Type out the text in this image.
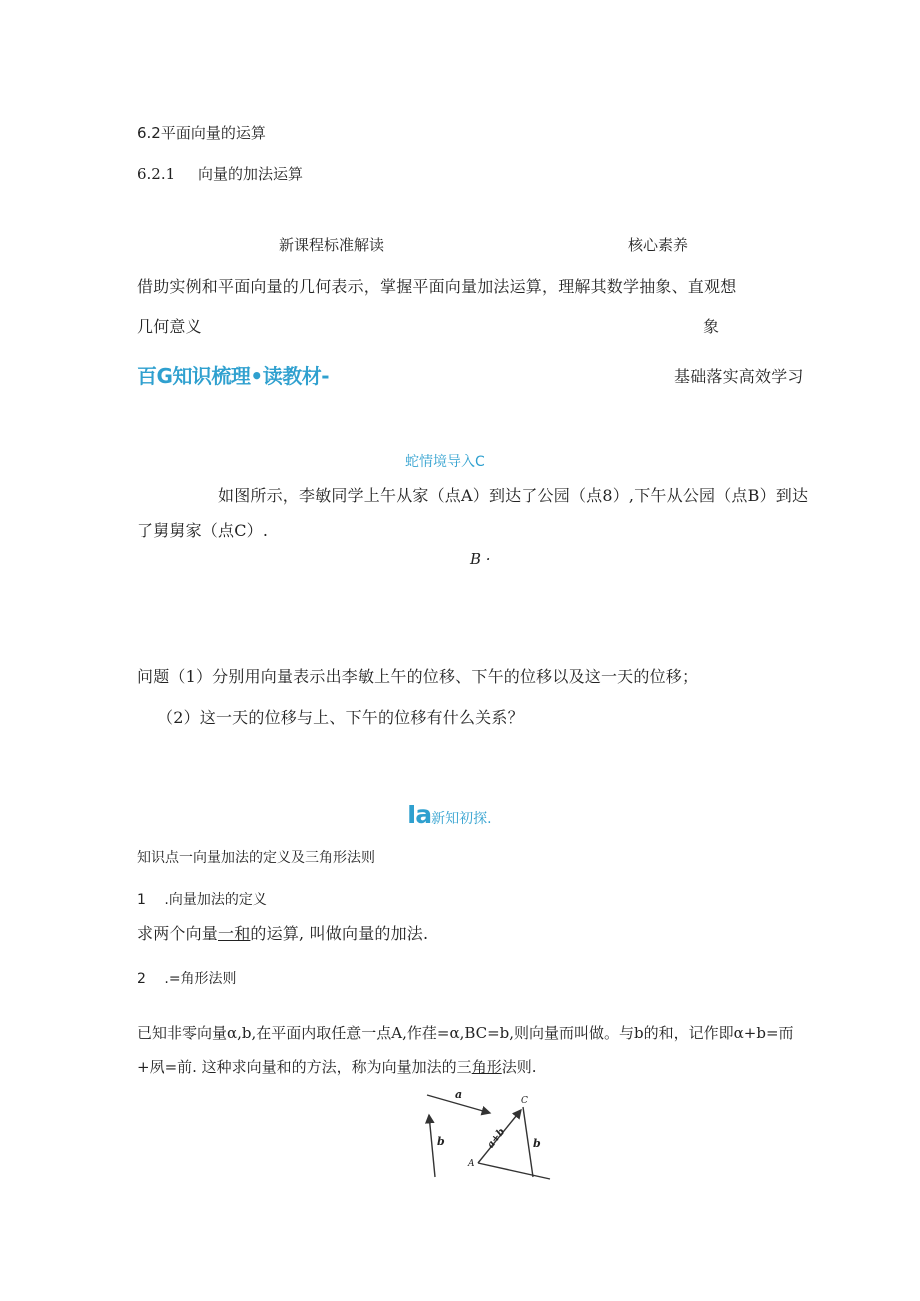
6.2平面向量的运算
6.2.1 向量的加法运算
新课程标准解读	核心素养
借助实例和平面向量的几何表示，掌握平面向量加法运算，理解其数学抽象、直观想
几何意义	象
百G知识梳理•读教材-	基础落实高效学习
蛇情境导入C
如图所示，李敏同学上午从家（点A）到达了公园（点8）,下午从公园（点B）到达
了舅舅家（点C）.
B ·
问题（1）分别用向量表示出李敏上午的位移、下午的位移以及这一天的位移；
（2）这一天的位移与上、下午的位移有什么关系？
Ia新知初探.
知识点一向量加法的定义及三角形法则
1 .向量加法的定义
求两个向量一和的运算, 叫做向量的加法.
2 .=角形法则
已知非零向量α,b,在平面内取任意一点A,作荏=α,BC=b,则向量而叫做。与b的和，记作即α+b=而
+夙=前. 这种求向量和的方法，称为向量加法的三角形法则.
a
b	a+b b
A
C
